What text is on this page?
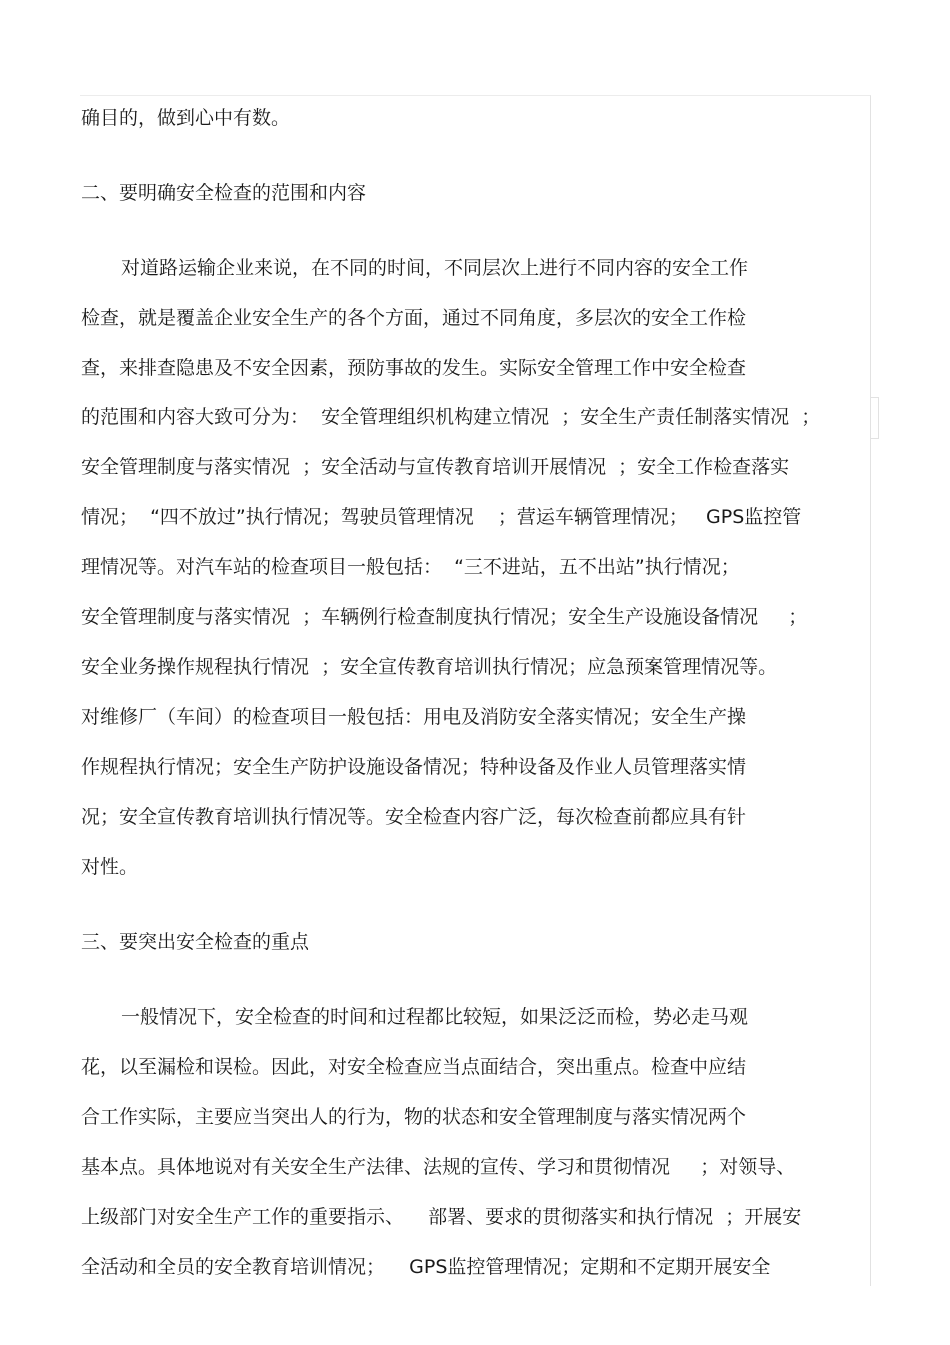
确目的，做到心中有数。
二、要明确安全检查的范围和内容
对道路运输企业来说，在不同的时间，不同层次上进行不同内容的安全工作
检查，就是覆盖企业安全生产的各个方面，通过不同角度，多层次的安全工作检
查，来排查隐患及不安全因素，预防事故的发生。实际安全管理工作中安全检查
的范围和内容大致可分为：  安全管理组织机构建立情况  ；安全生产责任制落实情况  ；
安全管理制度与落实情况  ；安全活动与宣传教育培训开展情况  ；安全工作检查落实
情况；  “四不放过”执行情况；驾驶员管理情况    ；营运车辆管理情况；   GPS监控管
理情况等。对汽车站的检查项目一般包括：  “三不进站，五不出站”执行情况；
安全管理制度与落实情况  ；车辆例行检查制度执行情况；安全生产设施设备情况     ；
安全业务操作规程执行情况  ；安全宣传教育培训执行情况；应急预案管理情况等。
对维修厂（车间）的检查项目一般包括：用电及消防安全落实情况；安全生产操
作规程执行情况；安全生产防护设施设备情况；特种设备及作业人员管理落实情
况；安全宣传教育培训执行情况等。安全检查内容广泛，每次检查前都应具有针
对性。
三、要突出安全检查的重点
一般情况下，安全检查的时间和过程都比较短，如果泛泛而检，势必走马观
花，以至漏检和误检。因此，对安全检查应当点面结合，突出重点。检查中应结
合工作实际，主要应当突出人的行为，物的状态和安全管理制度与落实情况两个
基本点。具体地说对有关安全生产法律、法规的宣传、学习和贯彻情况     ；对领导、
上级部门对安全生产工作的重要指示、    部署、要求的贯彻落实和执行情况  ；开展安
全活动和全员的安全教育培训情况；    GPS监控管理情况；定期和不定期开展安全
